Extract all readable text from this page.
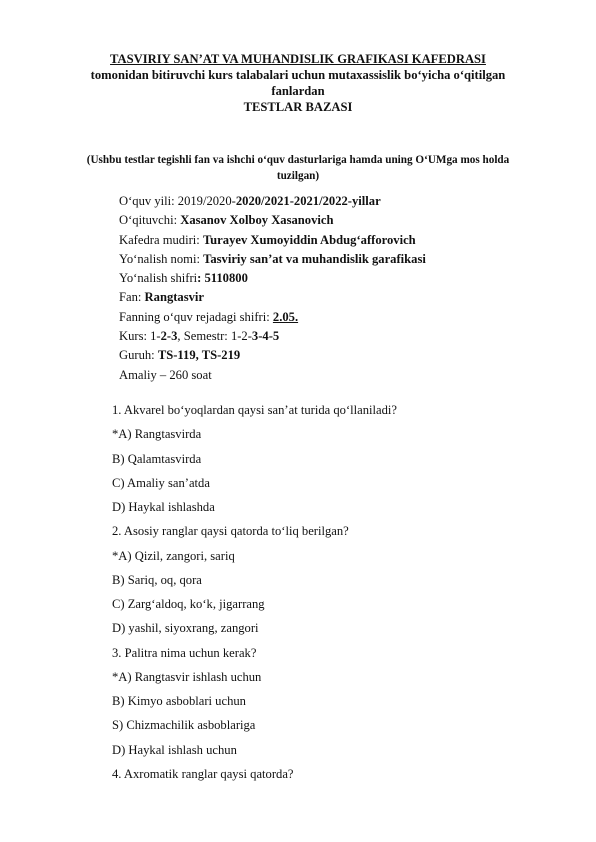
TASVIRIY SAN’AT VA MUHANDISLIK GRAFIKASI KAFEDRASI
tomonidan bitiruvchi kurs talabalari uchun mutaxassislik bo‘yicha o‘qitilgan
fanlardan
TESTLAR BAZASI
(Ushbu testlar tegishli fan va ishchi o‘quv dasturlariga hamda uning O‘UMga mos holda
tuzilgan)
O‘quv yili: 2019/2020-2020/2021-2021/2022-yillar
O‘qituvchi: Xasanov Xolboy Xasanovich
Kafedra mudiri: Turayev Xumoyiddin Abdug‘afforovich
Yo‘nalish nomi: Tasviriy san’at va muhandislik garafikasi
Yo‘nalish shifri: 5110800
Fan: Rangtasvir
Fanning o‘quv rejadagi shifri: 2.05.
Kurs: 1-2-3, Semestr: 1-2-3-4-5
Guruh: TS-119, TS-219
Amaliy – 260 soat
1. Akvarel bo‘yoqlardan qaysi san’at turida qo‘llaniladi?
*A) Rangtasvirda
B) Qalamtasvirda
C) Amaliy san’atda
D) Haykal ishlashda
2. Asosiy ranglar qaysi qatorda to‘liq berilgan?
*A) Qizil, zangori, sariq
B) Sariq, oq, qora
C) Zarg‘aldoq, ko‘k, jigarrang
D) yashil, siyoxrang, zangori
3. Palitra nima uchun kerak?
*A) Rangtasvir ishlash uchun
B) Kimyo asboblari uchun
S) Chizmachilik asboblariga
D) Haykal ishlash uchun
4. Axromatik ranglar qaysi qatorda?
